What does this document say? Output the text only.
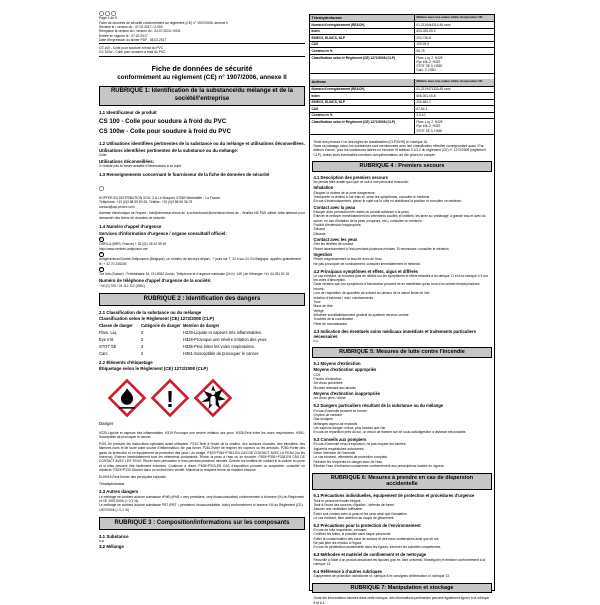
Page 1 de 9
Fiche de données de sécurité conformément au règlement (CE) n° 1907/2006, annexe II
Révisée le / version du : 07.02.2017 / 0.000
Remplace la version du / version du : 24.07.2015 / 0001
Entrée en vigueur le : 07.02.2017
Date d'impression du fichier PDF : 08.02.2017
CS 100 - Colle pour soudure à froid du PVC
CS 100w - Colle pour soudure à froid du PVC
Fiche de données de sécurité
conformément au règlement (CE) n° 1907/2006, annexe II
RUBRIQUE 1: Identification de la substance/du mélange et de la société/l'entreprise
1.1 Identificateur de produit
CS 100 - Colle pour soudure à froid du PVC
CS 100w - Colle pour soudure à froid du PVC
1.2 Utilisations identifiées pertinentes de la substance ou du mélange et utilisations déconseillées.
Utilisations identifiées pertinentes de la substance ou du mélange:
Colle
Utilisations déconseillées:
Il n'existe pas à l'heure actuelle d'informations à ce sujet.
1.3 Renseignements concernant le fournisseur de la fiche de données de sécurité
KOPFER EU DISTRIBUTION SOU, Z.A Le Bosquet, 67580 Mertzwiller - La France
Téléphone: +33 (0)3 88 59 50 25, Téléfax: +33 (0)3 88 59 36 75
contact@wp-protec.com
Adresse électronique de l'expert : info@chemical-check.de, k.schnurbusch@chemical-check.de - Veuillez NE PAS utiliser cette adresse pour demander des fiches de données de sécurité.
1.4 Numéro d'appel d'urgence
Services d'information d'urgence / organe consultatif officiel:
F
ORFILA (INRS, France) + 33 (0)1 45 42 59 59
http://www.centres-antipoison.net
B
Antigifcentrum/Centre Antipoisons (Belgique), un numéro de secours départ : 7 jours sur 7, 24 h sur 24. En Belgique, appelez gratuitement le: + 32 70 245245
CH
Tox Info (Suisse) - Freiestrasse 16, CH-8032 Zurich. Téléphone et d'urgence nationale (24 h): 145 | de l'étranger +41 44 251 51 51
Numéro de téléphone d'appel d'urgence de la société:
+49 (0) 700 / 24 112 112 (GBK)
RUBRIQUE 2 : Identification des dangers
2.1 Classification de la substance ou du mélange
Classification selon le Règlement (CE) 1272/2008 (CLP)
Classe de danger	Catégorie de danger Mention de danger
Flam. Liq.	2	H225-Liquide et vapeurs très inflammables.
Eye Irrit.	2	H319-Provoque une sévère irritation des yeux.
STOT SE	3	H335-Peut irriter les voies respiratoires.
Carc.	2	H351-Susceptible de provoquer le cancer.
2.2 Éléments d'étiquetage
Étiquetage selon le Règlement (CE) 1272/2008 (CLP)
!
Danger
H225-Liquide et vapeurs très inflammables. H319-Provoque une sévère irritation des yeux. H335-Peut irriter les voies respiratoires. H351-Susceptible de provoquer le cancer.
P201-Se procurer les instructions spéciales avant utilisation. P210-Tenir à l'écart de la chaleur, des surfaces chaudes, des étincelles, des flammes nues et de toute autre source d'inflammation. Ne pas fumer. P261-Éviter de respirer les vapeurs ou les aérosols. P280-Porter des gants de protection et un équipement de protection des yeux / du visage. P303+P361+P353-EN CAS DE CONTACT AVEC LA PEAU (ou les cheveux): Enlever immédiatement tous les vêtements contaminés. Rincer la peau à l'eau ou se doucher. P305+P351+P338-EN CAS DE CONTACT AVEC LES YEUX: Rincer avec précaution à l'eau pendant plusieurs minutes. Enlever les lentilles de contact si la victime en porte et si elles peuvent être facilement enlevées. Continuer à rincer. P308+P313-EN CAS d'exposition prouvée ou suspectée: consulter un médecin. P403+P233-Stocker dans un endroit bien ventilé. Maintenir le récipient fermé de manière étanche.
EUH019-Peut former des peroxydes explosifs.
Tétrahydrofurane
2.3 Autres dangers
Le mélange ne contient aucune substance vPvB (vPvB = very persistent, very bioaccumulative) conformément à la teneur (%) du Règlement et CE 1907/2006 (< 0,1 %).
Le mélange ne contient aucune substance PBT (PBT = persistent, bioaccumulative, toxic) conformément à l'annexe XIII du Règlement (CE) 1907/2006 (< 0,1 %).
RUBRIQUE 3 : Composition/informations sur les composants
3.1 Substance
n.a.
3.2 Mélange
Tétrahydrofurane	Matière avec une valeur limite d'exposition UE:
Numéro d'enregistrement (REACH)	01-2119444314-46-xxxx
Index	603-025-00-0
EINECS, ELINCS, NLP	203-726-8
CAS	109-99-9
Contenu en %	50-75
Classification selon le Règlement (CE) 1272/2008 (CLP)	Flam. Liq. 2, H225
Eye Irrit. 2, H319
STOT SE 3, H335
Carc. 2, H351
Acétone	Matière avec une valeur limite d'exposition UE:
Numéro d'enregistrement (REACH)	01-2119471330-49-xxxx
Index	606-001-00-8
EINECS, ELINCS, NLP	200-662-2
CAS	67-64-1
Contenu en %	2,5-10
Classification selon le Règlement (CE) 1272/2008 (CLP)	Flam. Liq. 2, H225
Eye Irrit. 2, H319
STOT SE 3, H336
Texte des phrases H et des règles de classification (CLP/GHS) cf. rubrique 16.
Dans ce passage aussi, les substances sont mentionnées avec leur classification effective correspondant aussi ! Par ailleurs encore, pour les substances listées en l'annexe VI tableau 3.1/3.2 du règlement (CE) n° 1272/2008 (règlement CLP), toutes leurs éventuelles mentions complémentaires ont été prises en compte.
RUBRIQUE 4 : Premiers secours
4.1 Description des premiers secours
Ne jamais faire avaler quoi que ce soit à une personne évanouie!
Inhalation
Éloigner la victime de la zone dangereuse.
Transporter la victime à l'air frais et, selon les symptômes, consulter le médecin.
En cas d'évanouissement, placer le sujet sur le côté en stabilisant la position et consulter un médecin.
Contact avec la peau
Essuyer avec précaution les restes du produit adhérant à la peau.
Enlever et nettoyer immédiatement les vêtements souillés et imbibés; les laver au 'prélavage' à grande eau et avec du savon; en cas d'irritation de la peau (rougeurs, etc.), consulter un médecin.
Produit d'extension inappropriés:
Solvant
Diluants
Contact avec les yeux
Ôter les lentilles de contact.
Rincer abondamment à l'eau pendant plusieurs minutes. Si nécessaire, consulter le médecin.
Ingestion
Rincer soigneusement la bouche avec de l'eau.
Ne pas provoquer de vomissement, consulter immédiatement le médecin.
4.2 Principaux symptômes et effets, aigus et différés
Le cas échéant, on trouvera plus de détails sur les symptômes et effets retardés à la rubrique 11 et à la rubrique 4.3 sur les voies d'absorption.
Dans certains cas, les symptômes d'intoxication peuvent ne se manifester qu'au bout d'un certain temps/plusieurs heures.
Lors de l'aspiration de quantités de solvant au-dessus de la valeur limite de l'air:
Irritation d'estomac / mal / vomissements
Toux
Maux de tête
Vertige
Influence sur/affaiblissement général du système nerveux central
Troubles de la coordination
Perte de connaissance
4.3 Indication des éventuels soins médicaux immédiats et traitements particuliers nécessaires
n.c.
RUBRIQUE 5: Mesures de lutte contre l'incendie
5.1 Moyens d'extinction
Moyens d'extinction appropriés
CO2
Poudre d'extinction
Jet d'eau pulvérisée
Mousse résistant aux alcools
Moyens d'extinction inappropriés
Jet d'eau plein / direct
5.2 Dangers particuliers résultant de la substance ou du mélange
En cas d'incendie peuvent se former:
Oxydes de carbone
Gaz toxiques
Mélanges vapeur-air explosifs
Les vapeurs danger: mieux, plus lourdes que l'air
En cas de répartition près du sol, un retour de flamme sur de sous-sols/digestion à distance est possible.
5.3 Conseils aux pompiers
En cas d'incendie et/ou d'explosion, ne pas respirer les fumées.
Appareils respiratoires autonomes.
Selon l'étendue de l'incendie
Le cas échéant, vêtements de protection complets.
Refroidir les récipients en danger avec de l'eau.
Éliminer l'eau d'extinction contaminée conformément aux prescriptions locales en vigueur.
RUBRIQUE 6: Mesures à prendre en cas de dispersion accidentelle
6.1 Précautions individuelles, équipement de protection et procédures d'urgence
Tenir le personnel inutile éloigné.
Tenir à l'écart des sources d'ignition - défense de fumer.
Assurer une ventilation suffisante.
Éviter tout contact avec la peau et les yeux ainsi que l'inhalation.
Le cas échéant, faire attention au risque de glissement.
6.2 Précautions pour la protection de l'environnement
En cas de fuite importante, colmater.
Confiner les fuites, si possible sans risque personnel.
Éviter la contamination des eaux de surface et des eaux souterraines ainsi que du sol.
Ne pas jeter les résidus à l'égout.
En cas de pénétration accidentelle dans les égouts, informer les autorités compétentes.
6.3 Méthodes et matériel de confinement et de nettoyage
Recueillir à l'aide d'un produit absorbant les liquides (par ex. liant universel, Kieselguhr) et éliminer conformément à la rubrique 13.
6.4 Référence à d'autres rubriques
Équipement de protection individuelle cf. rubrique 8 et consignes d'élimination cf. rubrique 13.
RUBRIQUE 7: Manipulation et stockage
Outre les informations fournies dans cette rubrique, des informations pertinentes peuvent également figurer à la rubrique 8 et 6.1.
